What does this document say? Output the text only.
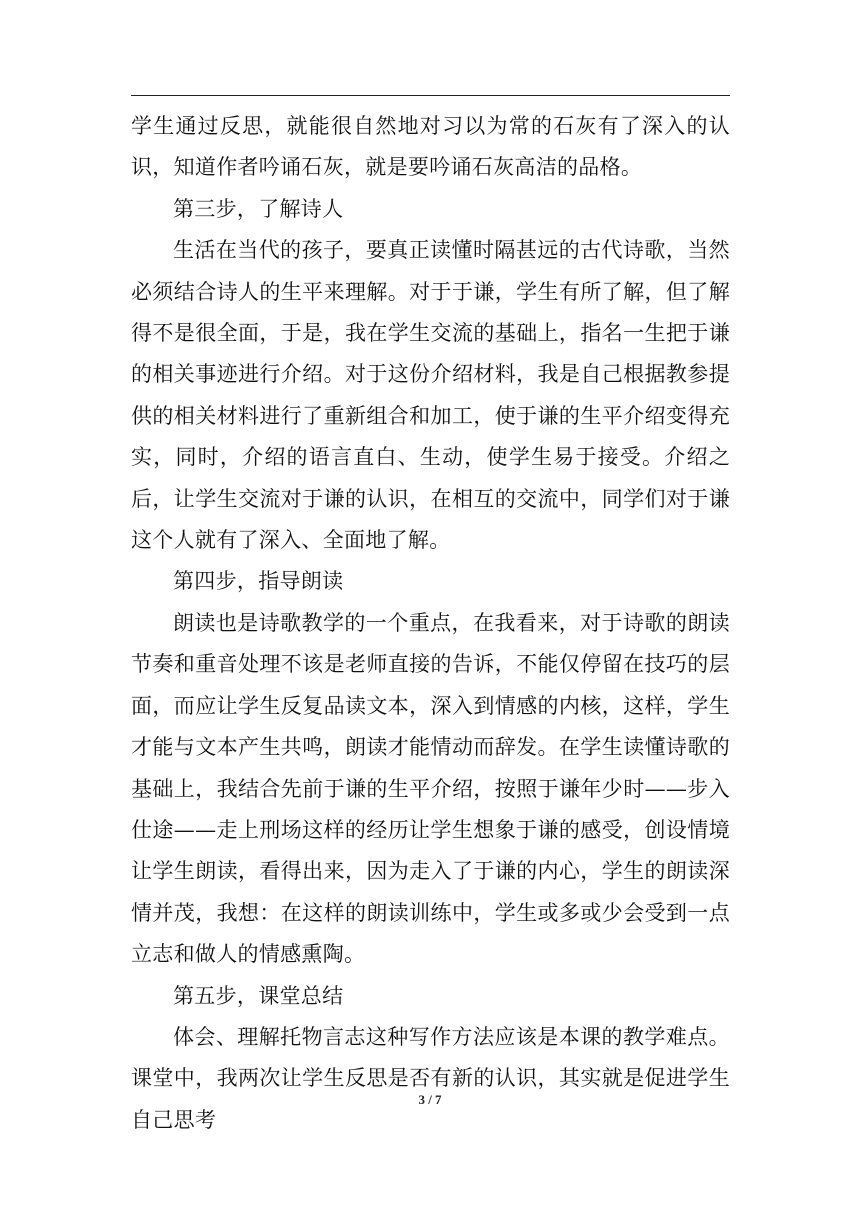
学生通过反思，就能很自然地对习以为常的石灰有了深入的认识，知道作者吟诵石灰，就是要吟诵石灰高洁的品格。

第三步，了解诗人

生活在当代的孩子，要真正读懂时隔甚远的古代诗歌，当然必须结合诗人的生平来理解。对于于谦，学生有所了解，但了解得不是很全面，于是，我在学生交流的基础上，指名一生把于谦的相关事迹进行介绍。对于这份介绍材料，我是自己根据教参提供的相关材料进行了重新组合和加工，使于谦的生平介绍变得充实，同时，介绍的语言直白、生动，使学生易于接受。介绍之后，让学生交流对于谦的认识，在相互的交流中，同学们对于谦这个人就有了深入、全面地了解。

第四步，指导朗读

朗读也是诗歌教学的一个重点，在我看来，对于诗歌的朗读节奏和重音处理不该是老师直接的告诉，不能仅停留在技巧的层面，而应让学生反复品读文本，深入到情感的内核，这样，学生才能与文本产生共鸣，朗读才能情动而辞发。在学生读懂诗歌的基础上，我结合先前于谦的生平介绍，按照于谦年少时——步入仕途——走上刑场这样的经历让学生想象于谦的感受，创设情境让学生朗读，看得出来，因为走入了于谦的内心，学生的朗读深情并茂，我想：在这样的朗读训练中，学生或多或少会受到一点立志和做人的情感熏陶。

第五步，课堂总结

体会、理解托物言志这种写作方法应该是本课的教学难点。课堂中，我两次让学生反思是否有新的认识，其实就是促进学生自己思考

3 / 7
